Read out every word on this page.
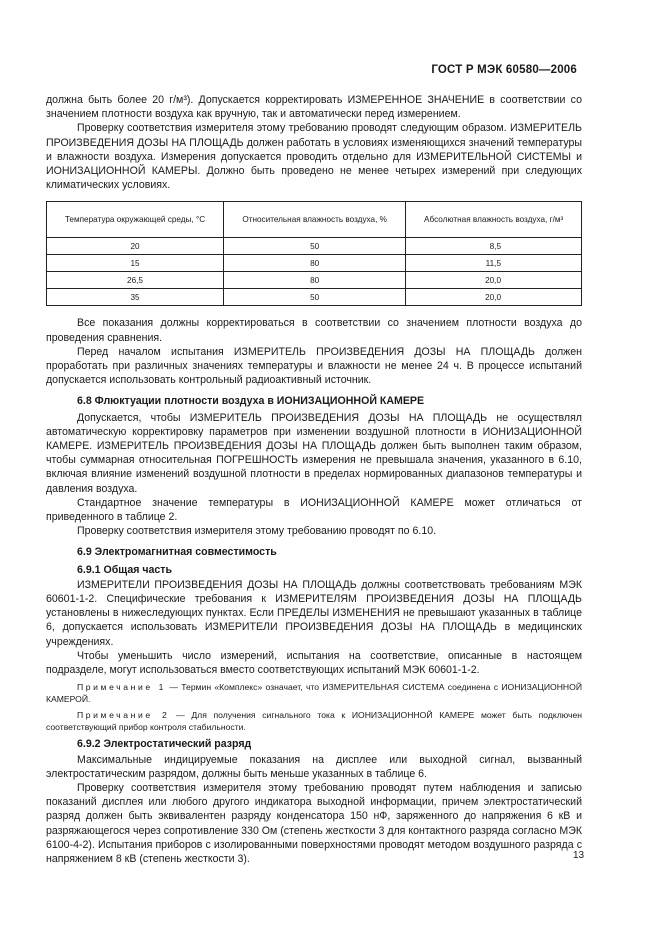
ГОСТ Р МЭК 60580—2006

должна быть более 20 г/м³). Допускается корректировать ИЗМЕРЕННОЕ ЗНАЧЕНИЕ в соответствии со значением плотности воздуха как вручную, так и автоматически перед измерением.

Проверку соответствия измерителя этому требованию проводят следующим образом. ИЗМЕРИТЕЛЬ ПРОИЗВЕДЕНИЯ ДОЗЫ НА ПЛОЩАДЬ должен работать в условиях изменяющихся значений температуры и влажности воздуха. Измерения допускается проводить отдельно для ИЗМЕРИТЕЛЬНОЙ СИСТЕМЫ и ИОНИЗАЦИОННОЙ КАМЕРЫ. Должно быть проведено не менее четырех измерений при следующих климатических условиях.

Температура окружающей среды, °С	Относительная влажность воздуха, %	Абсолютная влажность воздуха, г/м³
20	50	8,5
15	80	11,5
26,5	80	20,0
35	50	20,0

Все показания должны корректироваться в соответствии со значением плотности воздуха до проведения сравнения.

Перед началом испытания ИЗМЕРИТЕЛЬ ПРОИЗВЕДЕНИЯ ДОЗЫ НА ПЛОЩАДЬ должен проработать при различных значениях температуры и влажности не менее 24 ч. В процессе испытаний допускается использовать контрольный радиоактивный источник.

6.8 Флюктуации плотности воздуха в ИОНИЗАЦИОННОЙ КАМЕРЕ

Допускается, чтобы ИЗМЕРИТЕЛЬ ПРОИЗВЕДЕНИЯ ДОЗЫ НА ПЛОЩАДЬ не осуществлял автоматическую корректировку параметров при изменении воздушной плотности в ИОНИЗАЦИОННОЙ КАМЕРЕ. ИЗМЕРИТЕЛЬ ПРОИЗВЕДЕНИЯ ДОЗЫ НА ПЛОЩАДЬ должен быть выполнен таким образом, чтобы суммарная относительная ПОГРЕШНОСТЬ измерения не превышала значения, указанного в 6.10, включая влияние изменений воздушной плотности в пределах нормированных диапазонов температуры и давления воздуха.

Стандартное значение температуры в ИОНИЗАЦИОННОЙ КАМЕРЕ может отличаться от приведенного в таблице 2.

Проверку соответствия измерителя этому требованию проводят по 6.10.

6.9 Электромагнитная совместимость
6.9.1 Общая часть

ИЗМЕРИТЕЛИ ПРОИЗВЕДЕНИЯ ДОЗЫ НА ПЛОЩАДЬ должны соответствовать требованиям МЭК 60601-1-2. Специфические требования к ИЗМЕРИТЕЛЯМ ПРОИЗВЕДЕНИЯ ДОЗЫ НА ПЛОЩАДЬ установлены в нижеследующих пунктах. Если ПРЕДЕЛЫ ИЗМЕНЕНИЯ не превышают указанных в таблице 6, допускается использовать ИЗМЕРИТЕЛИ ПРОИЗВЕДЕНИЯ ДОЗЫ НА ПЛОЩАДЬ в медицинских учреждениях.

Чтобы уменьшить число измерений, испытания на соответствие, описанные в настоящем подразделе, могут использоваться вместо соответствующих испытаний МЭК 60601-1-2.

Примечание 1 — Термин «Комплекс» означает, что ИЗМЕРИТЕЛЬНАЯ СИСТЕМА соединена с ИОНИЗАЦИОННОЙ КАМЕРОЙ.
Примечание 2 — Для получения сигнального тока к ИОНИЗАЦИОННОЙ КАМЕРЕ может быть подключен соответствующий прибор контроля стабильности.
6.9.2 Электростатический разряд

Максимальные индицируемые показания на дисплее или выходной сигнал, вызванный электростатическим разрядом, должны быть меньше указанных в таблице 6.

Проверку соответствия измерителя этому требованию проводят путем наблюдения и записью показаний дисплея или любого другого индикатора выходной информации, причем электростатический разряд должен быть эквивалентен разряду конденсатора 150 нФ, заряженного до напряжения 6 кВ и разряжающегося через сопротивление 330 Ом (степень жесткости 3 для контактного разряда согласно МЭК 6100-4-2). Испытания приборов с изолированными поверхностями проводят методом воздушного разряда с напряжением 8 кВ (степень жесткости 3).	13
